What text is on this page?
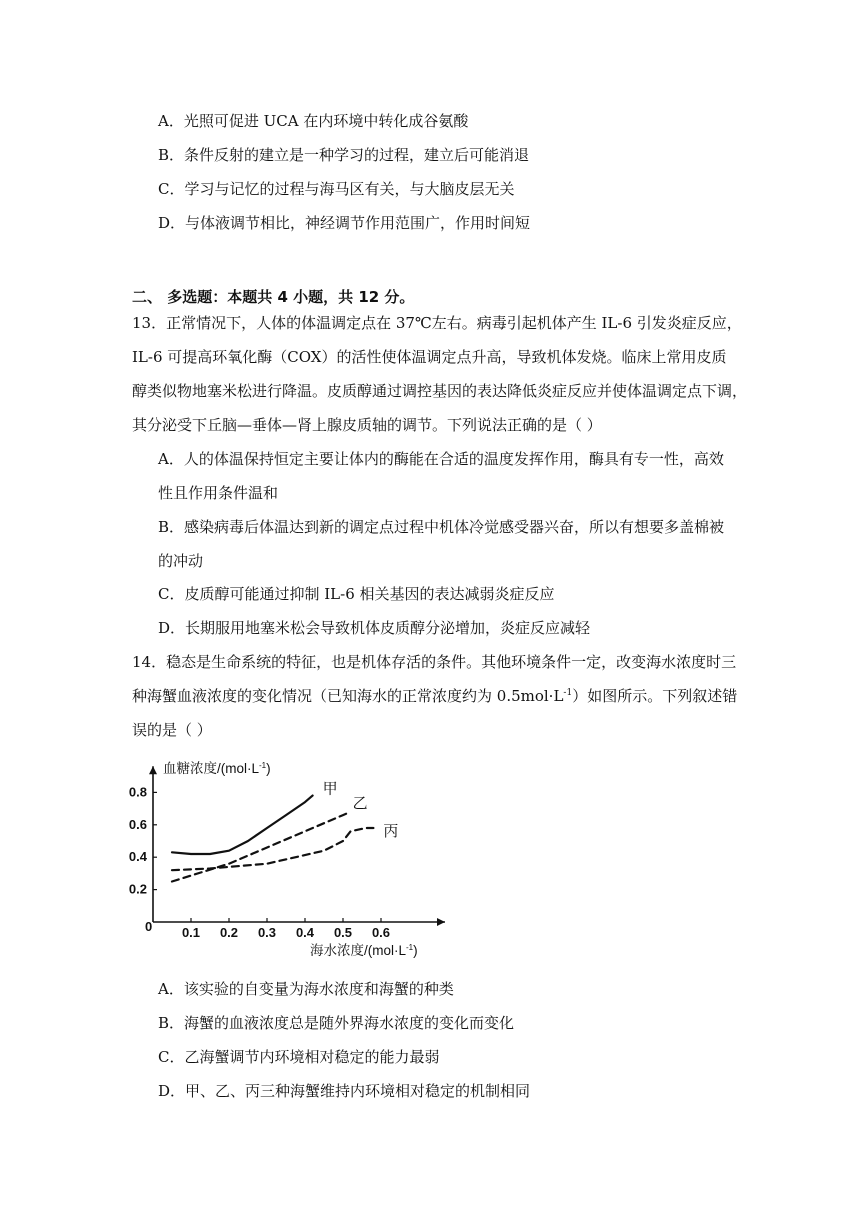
A．光照可促进 UCA 在内环境中转化成谷氨酸
B．条件反射的建立是一种学习的过程，建立后可能消退
C．学习与记忆的过程与海马区有关，与大脑皮层无关
D．与体液调节相比，神经调节作用范围广，作用时间短
二、 多选题：本题共 4 小题，共 12 分。
13．正常情况下，人体的体温调定点在 37℃左右。病毒引起机体产生 IL-6 引发炎症反应，
IL-6 可提高环氧化酶（COX）的活性使体温调定点升高，导致机体发烧。临床上常用皮质
醇类似物地塞米松进行降温。皮质醇通过调控基因的表达降低炎症反应并使体温调定点下调，
其分泌受下丘脑—垂体—肾上腺皮质轴的调节。下列说法正确的是（ ）
A．人的体温保持恒定主要让体内的酶能在合适的温度发挥作用，酶具有专一性，高效
性且作用条件温和
B．感染病毒后体温达到新的调定点过程中机体冷觉感受器兴奋，所以有想要多盖棉被
的冲动
C．皮质醇可能通过抑制 IL-6 相关基因的表达减弱炎症反应
D．长期服用地塞米松会导致机体皮质醇分泌增加，炎症反应减轻
14．稳态是生命系统的特征，也是机体存活的条件。其他环境条件一定，改变海水浓度时三
种海蟹血液浓度的变化情况（已知海水的正常浓度约为 $0.5mol\cdot L^{-1}$）如图所示。下列叙述错
误的是（ ）
0.1 0.2 0.3 0.4 0.5 0.6
0.2
0.4
0.6
0.8	甲
乙
丙
血糖浓度$/(mol\cdot L^{-1})$
海水浓度$/(mol\cdot L^{-1})$
0
A．该实验的自变量为海水浓度和海蟹的种类
B．海蟹的血液浓度总是随外界海水浓度的变化而变化
C．乙海蟹调节内环境相对稳定的能力最弱
D．甲、乙、丙三种海蟹维持内环境相对稳定的机制相同
